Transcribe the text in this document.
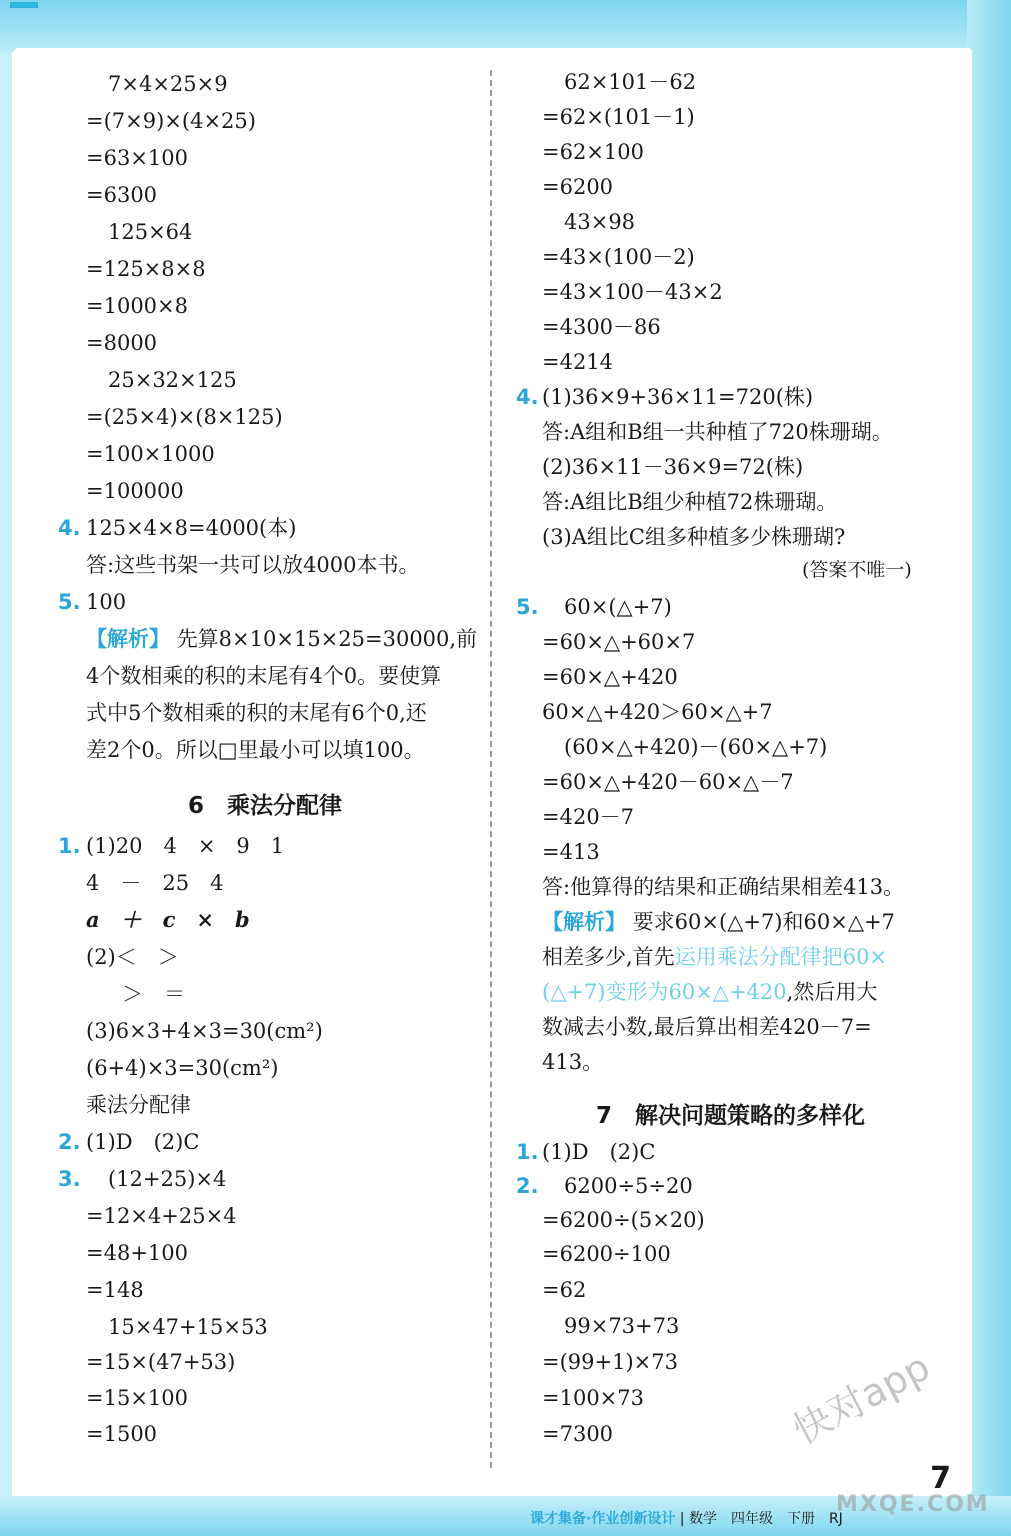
7×4×25×9
=(7×9)×(4×25)
=63×100
=6300
125×64
=125×8×8
=1000×8
=8000
25×32×125
=(25×4)×(8×125)
=100×1000
=100000
4. 125×4×8=4000(本)
答:这些书架一共可以放4000本书。
5. 100
【解析】 先算8×10×15×25=30000,前
4个数相乘的积的末尾有4个0。要使算
式中5个数相乘的积的末尾有6个0,还
差2个0。所以□里最小可以填100。
6　乘法分配律
1. (1)20　4　×　9　1
4　－　25　4
a　＋　c　×　b
(2)＜　＞
＞　＝
(3)6×3+4×3=30(cm²)
(6+4)×3=30(cm²)
乘法分配律
2. (1)D　(2)C
3. (12+25)×4
=12×4+25×4
=48+100
=148
15×47+15×53
=15×(47+53)
=15×100
=1500
62×101－62
=62×(101－1)
=62×100
=6200
43×98
=43×(100－2)
=43×100－43×2
=4300－86
=4214
4. (1)36×9+36×11=720(株)
答:A组和B组一共种植了720株珊瑚。
(2)36×11－36×9=72(株)
答:A组比B组少种植72株珊瑚。
(3)A组比C组多种植多少株珊瑚?
(答案不唯一)
5. 60×(△+7)
=60×△+60×7
=60×△+420
60×△+420＞60×△+7
(60×△+420)－(60×△+7)
=60×△+420－60×△－7
=420－7
=413
答:他算得的结果和正确结果相差413。
【解析】 要求60×(△+7)和60×△+7
相差多少,首先运用乘法分配律把60×
(△+7)变形为60×△+420,然后用大
数减去小数,最后算出相差420－7=
413。
7　解决问题策略的多样化
1. (1)D　(2)C
2. 6200÷5÷20
=6200÷(5×20)
=6200÷100
=62
99×73+73
=(99+1)×73
=100×73
=7300	快对app
MXQE.COM
课才集备·作业创新设计 | 数学　四年级　下册　RJ
7
